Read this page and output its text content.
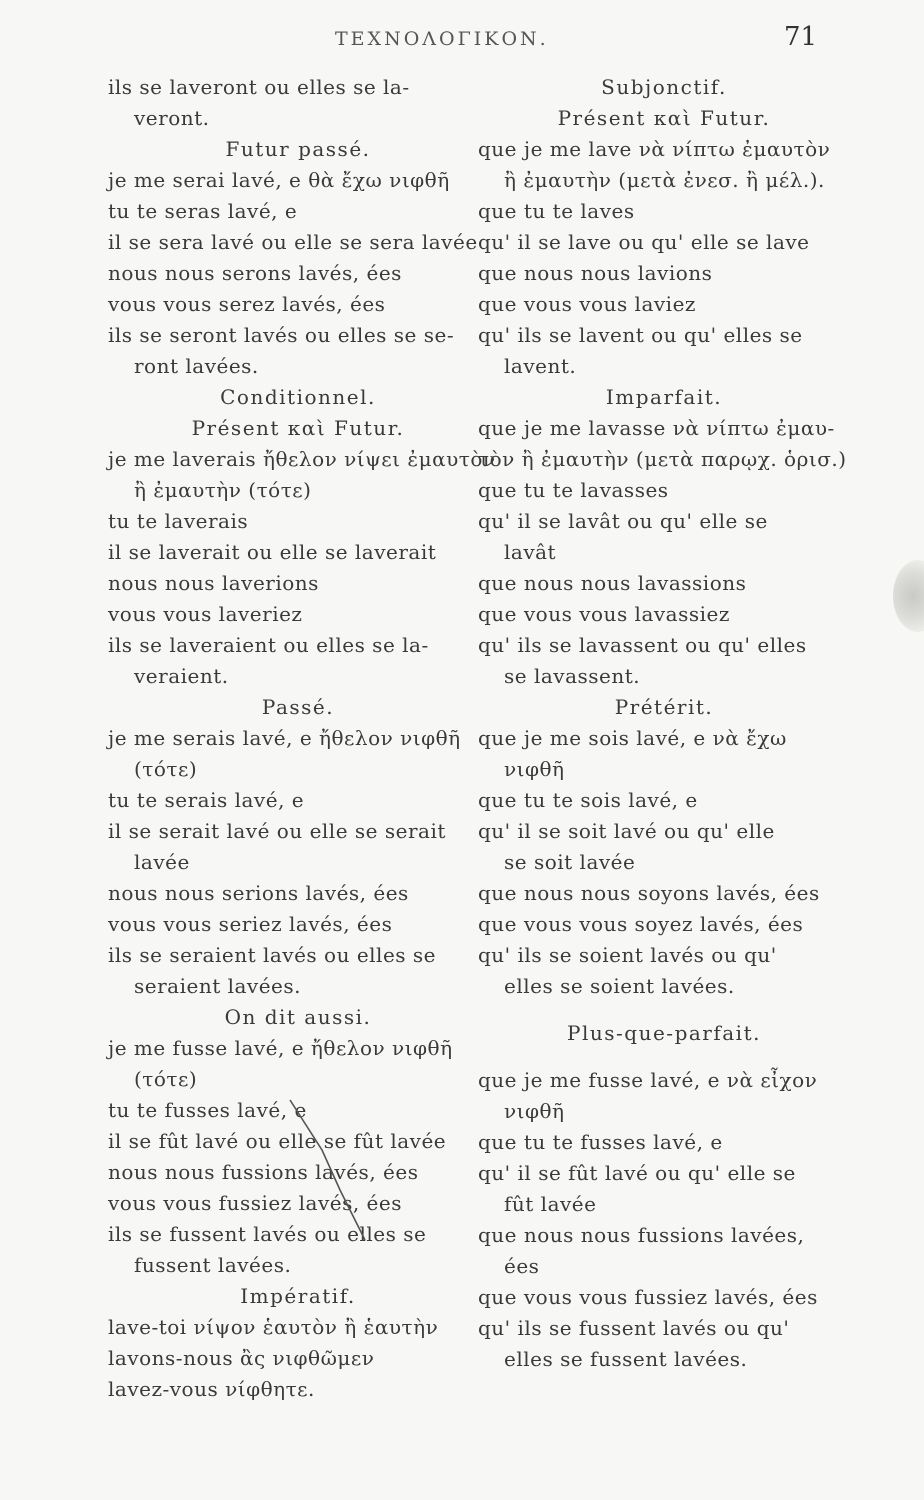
ΤΕΧΝΟΛΟΓΙΚΟΝ.	71
ils se laveront ou elles se la-
veront.
Futur passé.
je me serai lavé, e θὰ ἔχω νιφθῆ
tu te seras lavé, e
il se sera lavé ou elle se sera lavée
nous nous serons lavés, ées
vous vous serez lavés, ées
ils se seront lavés ou elles se se-
ront lavées.
Conditionnel.
Présent καὶ Futur.
je me laverais ἤθελον νίψει ἐμαυτὸν
ἢ ἐμαυτὴν (τότε)
tu te laverais
il se laverait ou elle se laverait
nous nous laverions
vous vous laveriez
ils se laveraient ou elles se la-
veraient.
Passé.
je me serais lavé, e ἤθελον νιφθῆ
(τότε)
tu te serais lavé, e
il se serait lavé ou elle se serait
lavée
nous nous serions lavés, ées
vous vous seriez lavés, ées
ils se seraient lavés ou elles se
seraient lavées.
On dit aussi.
je me fusse lavé, e ἤθελον νιφθῆ
(τότε)
tu te fusses lavé, e
il se fût lavé ou elle se fût lavée
nous nous fussions lavés, ées
vous vous fussiez lavés, ées
ils se fussent lavés ou elles se
fussent lavées.
Impératif.
lave-toi νίψον ἑαυτὸν ἢ ἑαυτὴν
lavons-nous ἂς νιφθῶμεν
lavez-vous νίφθητε.
Subjonctif.
Présent καὶ Futur.
que je me lave νὰ νίπτω ἐμαυτὸν
ἢ ἐμαυτὴν (μετὰ ἐνεσ. ἢ μέλ.).
que tu te laves
qu' il se lave ou qu' elle se lave
que nous nous lavions
que vous vous laviez
qu' ils se lavent ou qu' elles se
lavent.
Imparfait.
que je me lavasse νὰ νίπτω ἐμαυ-
τὸν ἢ ἐμαυτὴν (μετὰ παρῳχ. ὁρισ.)
que tu te lavasses
qu' il se lavât ou qu' elle se
lavât
que nous nous lavassions
que vous vous lavassiez
qu' ils se lavassent ou qu' elles
se lavassent.
Prétérit.
que je me sois lavé, e νὰ ἔχω
νιφθῆ
que tu te sois lavé, e
qu' il se soit lavé ou qu' elle
se soit lavée
que nous nous soyons lavés, ées
que vous vous soyez lavés, ées
qu' ils se soient lavés ou qu'
elles se soient lavées.
Plus-que-parfait.
que je me fusse lavé, e νὰ εἶχον
νιφθῆ
que tu te fusses lavé, e
qu' il se fût lavé ou qu' elle se
fût lavée
que nous nous fussions lavées,
ées
que vous vous fussiez lavés, ées
qu' ils se fussent lavés ou qu'
elles se fussent lavées.
